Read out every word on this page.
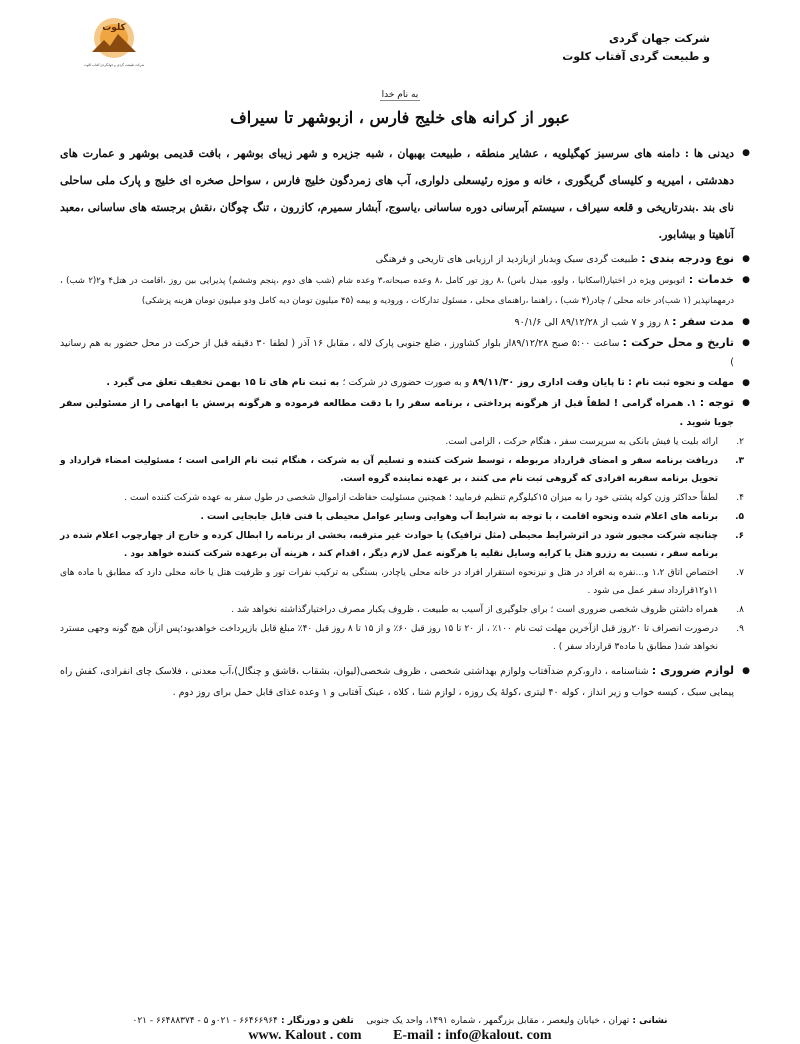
کلوت
شرکت طبیعت گردی و جهانگردی آفتاب کلوت
شرکت جهان گردی
و طبیعت گردی آفتاب کلوت
به نام خدا
عبور از کرانه های خلیج فارس ، ازبوشهر تا سیراف
● دیدنی ها : دامنه های سرسبز کهگیلویه ، عشایر منطقه ، طبیعت بهبهان ، شبه جزیره و شهر زیبای بوشهر ، بافت قدیمی بوشهر و عمارت های دهدشتی ، امیریه و کلیسای گریگوری ، خانه و موزه رئیسعلی دلواری، آب های زمردگون خلیج فارس ، سواحل صخره ای خلیج و پارک ملی ساحلی نای بند .بندرتاریخی و قلعه سیراف ، سیستم آبرسانی دوره ساسانی ،یاسوج، آبشار سمیرم، کازرون ، تنگ چوگان ،نقش برجسته های ساسانی ،معبد آناهیتا و بیشابور.
● نوع ودرجه بندی : طبیعت گردی سبک وبدبار ازبازدید از ارزیابی های تاریخی و فرهنگی
● خدمات : اتوبوس ویژه در اختیار(اسکانیا ، ولوو، میدل باس) ،۸ روز تور کامل ،۸ وعده صبحانه،۳ وعده شام (شب های دوم ،پنجم وششم) پذیرایی بین روز ،اقامت در هتل۴ و۲(۲ شب) ، درمهمانپذیر (۱ شب)در خانه محلی / چادر(۴ شب) ، راهنما ،راهنمای محلی ، مسئول تدارکات ، ورودیه و بیمه (۴۵ میلیون تومان دیه کامل ودو میلیون تومان هزینه پزشکی)
● مدت سفر : ۸ روز و ۷ شب از ۸۹/۱۲/۲۸ الی ۹۰/۱/۶
● تاریخ و محل حرکت : ساعت ۵:۰۰ صبح ۸۹/۱۲/۲۸از بلوار کشاورز ، ضلع جنوبی پارک لاله ، مقابل ۱۶ آذر ( لطفا ۳۰ دقیقه قبل از حرکت در محل حضور به هم رسانید )
● مهلت و نحوه ثبت نام : تا پایان وقت اداری روز ۸۹/۱۱/۳۰ و به صورت حضوری در شرکت ؛ به ثبت نام های تا ۱۵ بهمن تخفیف تعلق می گیرد .
● توجه : ۱. همراه گرامی ! لطفاً قبل از هرگونه پرداختی ، برنامه سفر را با دقت مطالعه فرموده و هرگونه پرسش یا ابهامی را از مسئولین سفر جویا شوید .
۲.
ارائه بلیت یا فیش بانکی به سرپرست سفر ، هنگام حرکت ، الزامی است.
۳.
دریافت برنامه سفر و امضای قرارداد مربوطه ، توسط شرکت کننده و تسلیم آن به شرکت ، هنگام ثبت نام الزامی است ؛ مسئولیت امضاء قرارداد و تحویل برنامه سفربه افرادی که گروهی ثبت نام می کنند ، بر عهده نماینده گروه است.
۴.
لطفاً حداکثر وزن کوله پشتی خود را به میزان ۱۵کیلوگرم تنظیم فرمایید ؛ همچنین مسئولیت حفاظت ازاموال شخصی در طول سفر به عهده شرکت کننده است .
۵.
برنامه های اعلام شده ونحوه اقامت ، با توجه به شرایط آب وهوایی وسایر عوامل محیطی با فنی قابل جابجایی است .
۶.
چنانچه شرکت مجبور شود در اثرشرایط محیطی (مثل ترافیک) یا حوادث غیر مترقبه، بخشی از برنامه را ابطال کرده و خارج از چهارچوب اعلام شده در برنامه سفر ، نسبت به رزرو هتل یا کرایه وسایل نقلیه یا هرگونه عمل لازم دیگر ، اقدام کند ، هزینه آن برعهده شرکت کننده خواهد بود .
۷.
اختصاص اتاق ۱،۲ و...نفره به افراد در هتل و نیزنحوه استقرار افراد در خانه محلی یاچادر، بستگی به ترکیب نفرات تور و ظرفیت هتل یا خانه محلی دارد که مطابق با ماده های ۱۱و۱۲قرارداد سفر عمل می شود .
۸.
همراه داشتن ظروف شخصی ضروری است ؛ برای جلوگیری از آسیب به طبیعت ، ظروف یکبار مصرف دراختیارگذاشته نخواهد شد .
۹.
درصورت انصراف تا ۲۰روز قبل ازآخرین مهلت ثبت نام ۱۰۰٪ ، از ۲۰ تا ۱۵ روز قبل ۶۰٪ و از ۱۵ تا ۸ روز قبل ۴۰٪ مبلغ قابل بازپرداخت خواهدبود؛پس ازآن هیچ گونه وجهی مسترد نخواهد شد( مطابق با ماده۳ قرارداد سفر ) .
● لوازم ضروری : شناسنامه ، دارو،کرم ضدآفتاب ولوازم بهداشتی شخصی ، ظروف شخصی(لیوان، بشقاب ،قاشق و چنگال)،آب معدنی ، فلاسک چای انفرادی، کفش راه پیمایی سبک ، کیسه خواب و زیر انداز ، کوله ۴۰ لیتری ،کولهٔ یک روزه ، لوازم شنا ، کلاه ، عینک آفتابی و ۱ وعده غذای قابل حمل برای روز دوم .
نشانی : تهران ، خیابان ولیعصر ، مقابل بزرگمهر ، شماره ۱۴۹۱، واحد یک جنوبی    تلفن و دورنگار : ۶۶۴۶۶۹۶۴ - ۰۲۱و ۵ - ۶۶۴۸۸۳۷۴ - ۰۲۱
www. Kalout . com E-mail : info@kalout. com
